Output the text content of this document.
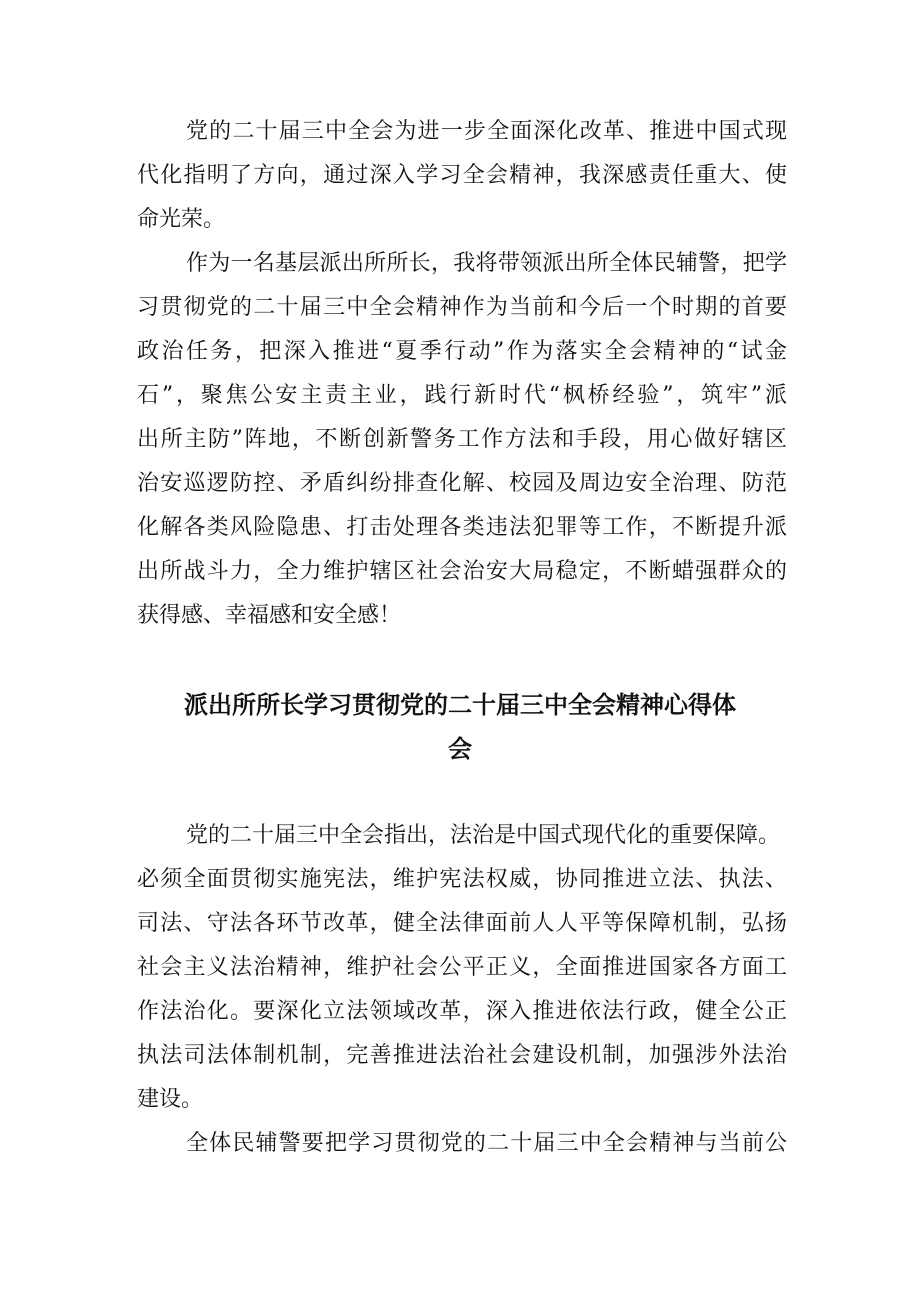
党的二十届三中全会为进一步全面深化改革、推进中国式现

代化指明了方向，通过深入学习全会精神，我深感责任重大、使

命光荣。

作为一名基层派出所所长，我将带领派出所全体民辅警，把学

习贯彻党的二十届三中全会精神作为当前和今后一个时期的首要

政治任务，把深入推进“夏季行动”作为落实全会精神的“试金

石”，聚焦公安主责主业，践行新时代“枫桥经验”，筑牢”派

出所主防”阵地，不断创新警务工作方法和手段，用心做好辖区

治安巡逻防控、矛盾纠纷排查化解、校园及周边安全治理、防范

化解各类风险隐患、打击处理各类违法犯罪等工作，不断提升派

出所战斗力，全力维护辖区社会治安大局稳定，不断蜡强群众的

获得感、幸福感和安全感！

派出所所长学习贯彻党的二十届三中全会精神心得体
会

党的二十届三中全会指出，法治是中国式现代化的重要保障。

必须全面贯彻实施宪法，维护宪法权威，协同推进立法、执法、

司法、守法各环节改革，健全法律面前人人平等保障机制，弘扬

社会主义法治精神，维护社会公平正义，全面推进国家各方面工

作法治化。要深化立法领域改革，深入推进依法行政，健全公正

执法司法体制机制，完善推进法治社会建设机制，加强涉外法治

建设。

全体民辅警要把学习贯彻党的二十届三中全会精神与当前公
